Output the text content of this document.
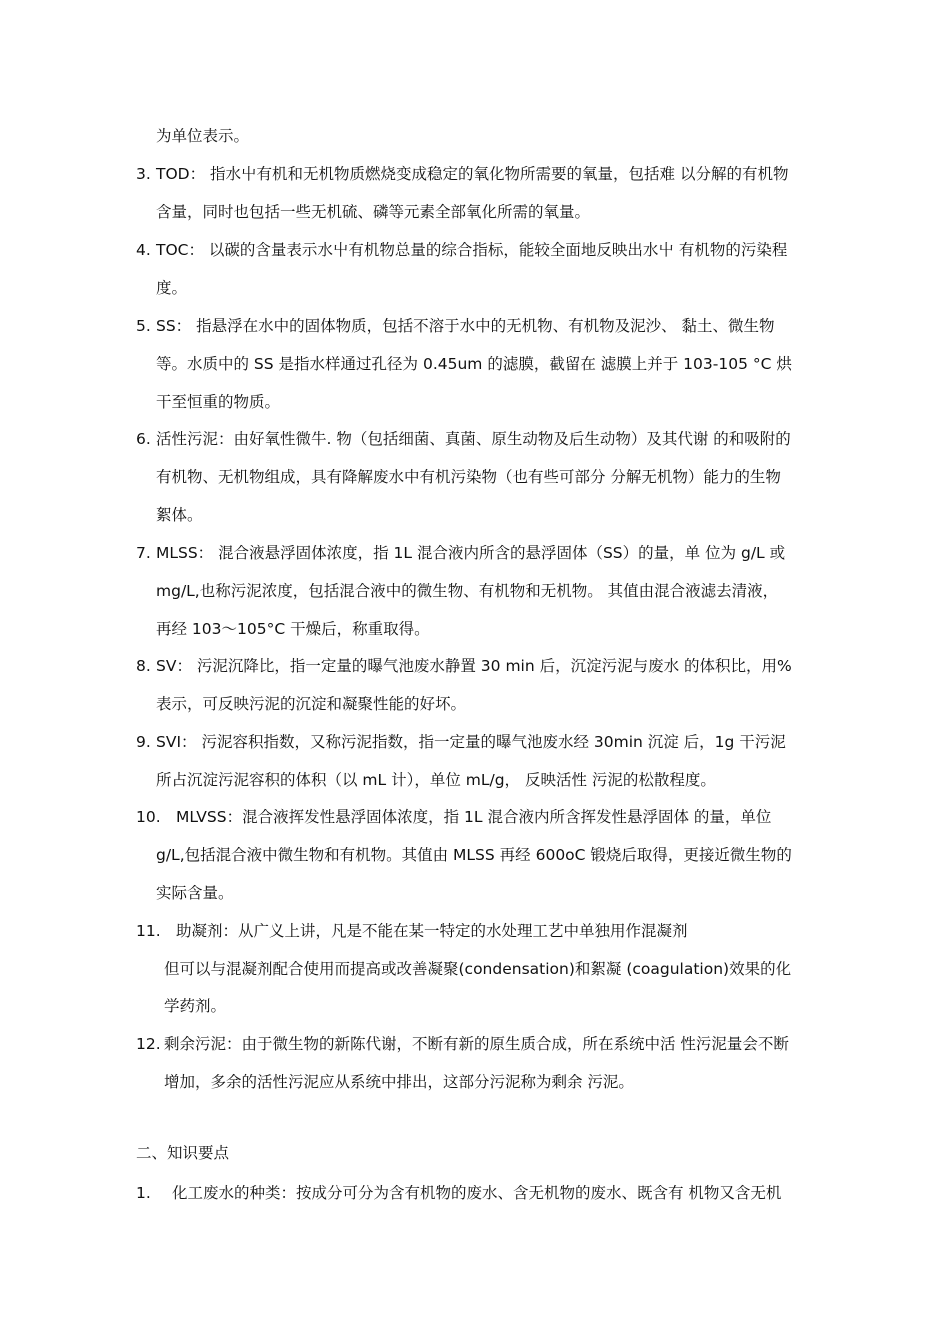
为单位表示。
3. TOD： 指水屮有机和无机物质燃烧变成稳定的氧化物所需要的氧量，包括难 以分解的有机物
含量，同时也包括一些无机硫、磷等元素全部氧化所需的氧量。
4. TOC： 以碳的含量表示水屮有机物总量的综合指标，能较全面地反映出水屮 有机物的污染程
度。
5. SS： 指悬浮在水中的固体物质，包括不溶于水中的无机物、有机物及泥沙、 黏土、微生物
等。水质中的 SS 是指水样通过孔径为 0.45um 的滤膜，截留在 滤膜上并于 103-105 °C 烘
干至恒重的物质。
6. 活性污泥：由好氧性微牛. 物（包括细菌、真菌、原生动物及后生动物）及其代谢 的和吸附的
有机物、无机物组成，具有降解废水中有机污染物（也有些可部分 分解无机物）能力的生物
絮体。
7. MLSS： 混合液悬浮固体浓度，指 1L 混合液内所含的悬浮固体（SS）的量，单 位为 g/L 或
mg/L,也称污泥浓度，包括混合液中的微生物、有机物和无机物。 其值由混合液滤去清液，
再经 103〜105°C 干燥后，称重取得。
8. SV： 污泥沉降比，指一定量的曝气池废水静置 30 min 后，沉淀污泥与废水 的体积比，用%
表示，可反映污泥的沉淀和凝聚性能的好坏。
9. SVI： 污泥容积指数，又称污泥指数，指一定量的曝气池废水经 30min 沉淀 后，1g 干污泥
所占沉淀污泥容积的体积（以 mL 计），单位 mL/g， 反映活性 污泥的松散程度。
10. MLVSS：混合液挥发性悬浮固体浓度，指 1L 混合液内所含挥发性悬浮固体 的量，单位
g/L,包括混合液中微生物和有机物。其值由 MLSS 再经 600oC 锻烧后取得，更接近微生物的
实际含量。
11. 助凝剂：从广义上讲，凡是不能在某一特定的水处理工艺中单独用作混凝剂
但可以与混凝剂配合使用而提高或改善凝聚(condensation)和絮凝 (coagulation)效果的化
学药剂。
12. 剩余污泥：由于微生物的新陈代谢，不断有新的原生质合成，所在系统中活 性污泥量会不断
增加，多余的活性污泥应从系统中排出，这部分污泥称为剩余 污泥。
二、知识要点
1. 化工废水的种类：按成分可分为含有机物的废水、含无机物的废水、既含有 机物又含无机
